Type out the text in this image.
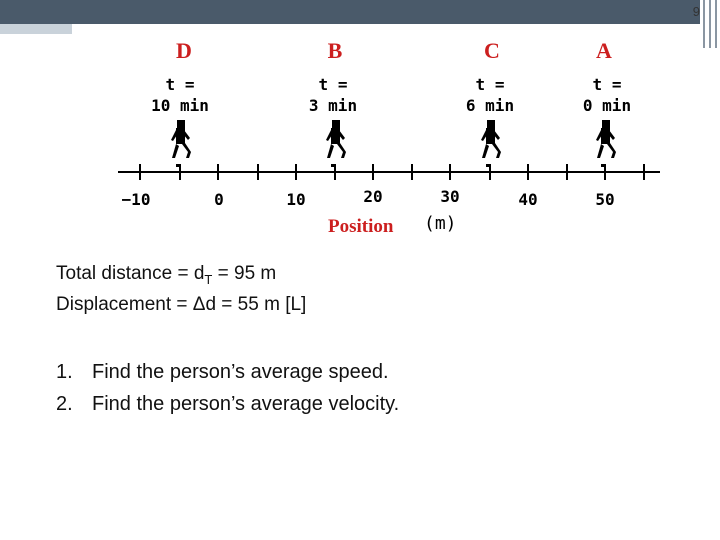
9
D	B	C	A
t =
10 min
t =
3 min
t =
6 min
t =
0 min
−10	0	10	20	30	40	50
Position (m)
Total distance = $d_T = 95$ m
Displacement = Δd = 55 m [L]
1. Find the person’s average speed.
2. Find the person’s average velocity.
